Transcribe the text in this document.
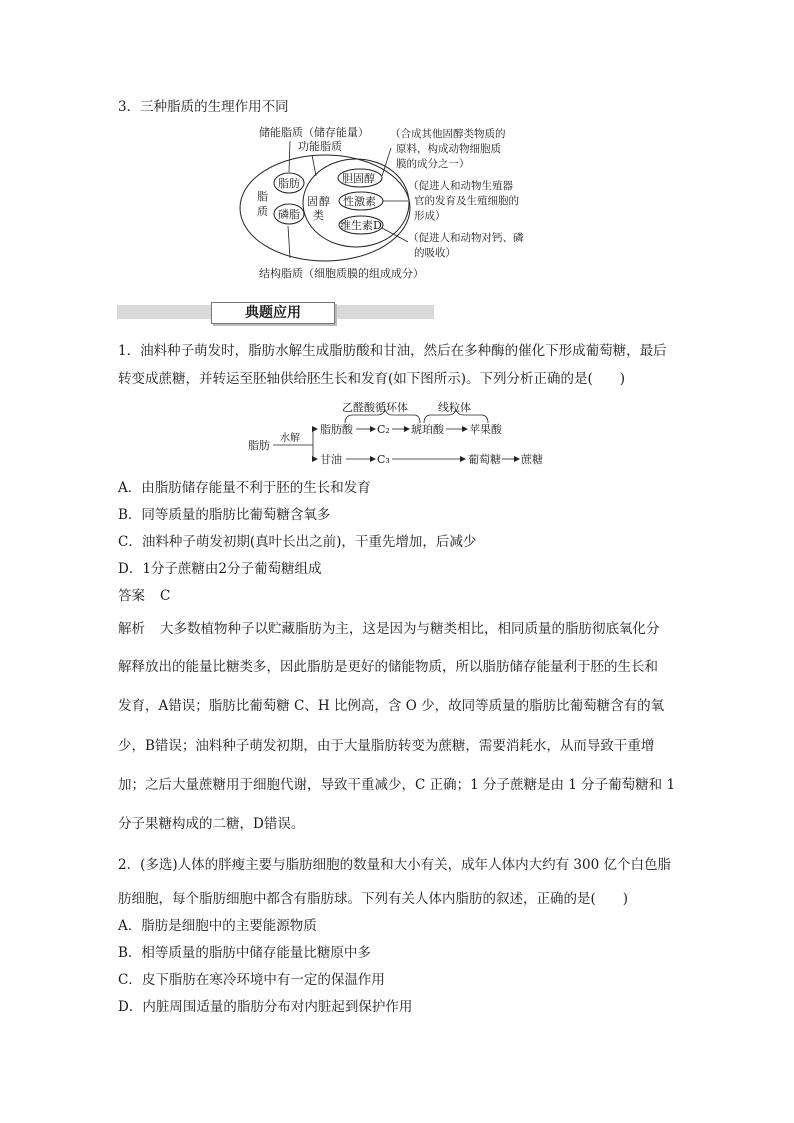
3．三种脂质的生理作用不同
储能脂质（储存能量）
功能脂质
脂
质
脂肪
磷脂
固 醇
类
胆固醇
性激素
维生素D
（合成其他固醇类物质的
原料，构成动物细胞质
膜的成分之一）
（促进人和动物生殖器
官的发育及生殖细胞的
形成）
（促进人和动物对钙、磷
的吸收）
结构脂质（细胞质膜的组成成分）
典题应用
1．油料种子萌发时，脂肪水解生成脂肪酸和甘油，然后在多种酶的催化下形成葡萄糖，最后
转变成蔗糖，并转运至胚轴供给胚生长和发育(如下图所示)。下列分析正确的是(　　)
乙醛酸循环体	线粒体
脂肪
水解
脂肪酸 C₂ 琥珀酸 苹果酸
甘油	C₃	葡萄糖 蔗糖
A．由脂肪储存能量不利于胚的生长和发育
B．同等质量的脂肪比葡萄糖含氧多
C．油料种子萌发初期(真叶长出之前)，干重先增加，后减少
D．1分子蔗糖由2分子葡萄糖组成
答案 C
解析 大多数植物种子以贮藏脂肪为主，这是因为与糖类相比，相同质量的脂肪彻底氧化分
解释放出的能量比糖类多，因此脂肪是更好的储能物质，所以脂肪储存能量利于胚的生长和
发育，A错误；脂肪比葡萄糖 C、H 比例高，含 O 少，故同等质量的脂肪比葡萄糖含有的氧
少，B错误；油料种子萌发初期，由于大量脂肪转变为蔗糖，需要消耗水，从而导致干重增
加；之后大量蔗糖用于细胞代谢，导致干重减少，C 正确；1 分子蔗糖是由 1 分子葡萄糖和 1
分子果糖构成的二糖，D错误。
2．(多选)人体的胖瘦主要与脂肪细胞的数量和大小有关，成年人体内大约有 300 亿个白色脂
肪细胞，每个脂肪细胞中都含有脂肪球。下列有关人体内脂肪的叙述，正确的是(　　)
A．脂肪是细胞中的主要能源物质
B．相等质量的脂肪中储存能量比糖原中多
C．皮下脂肪在寒冷环境中有一定的保温作用
D．内脏周围适量的脂肪分布对内脏起到保护作用
